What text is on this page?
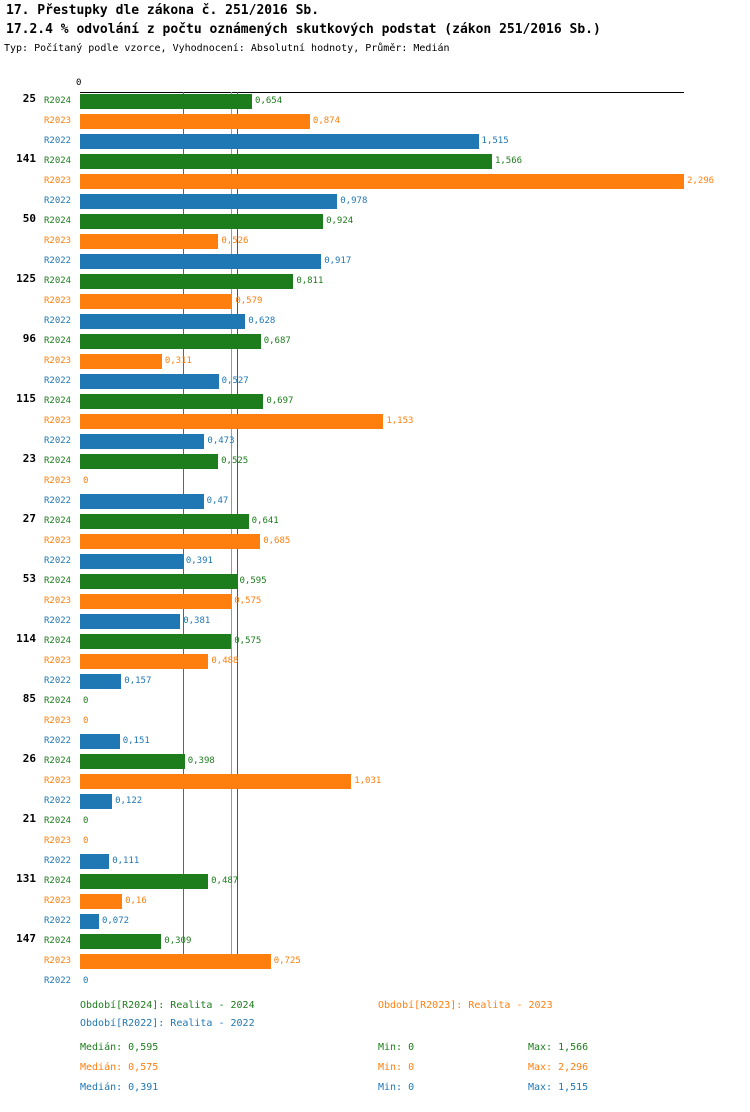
17. Přestupky dle zákona č. 251/2016 Sb.
17.2.4 % odvolání z počtu oznámených skutkových podstat (zákon 251/2016 Sb.)
Typ: Počítaný podle vzorce, Vyhodnocení: Absolutní hodnoty, Průměr: Medián
0
25 R2024	0,654
R2023	0,874
R2022	1,515
141 R2024	1,566
R2023	2,296
R2022	0,978
50 R2024	0,924
R2023	0,526
R2022	0,917
125 R2024	0,811
R2023	0,579
R2022	0,628
96 R2024	0,687
R2023	0,311
R2022	0,527
115 R2024	0,697
R2023	1,153
R2022	0,473
23 R2024	0,525
R2023 0
R2022	0,47
27 R2024	0,641
R2023	0,685
R2022	0,391
53 R2024	0,595
R2023	0,575
R2022	0,381
114 R2024	0,575
R2023	0,488
R2022	0,157
85 R2024 0
R2023 0
R2022	0,151
26 R2024	0,398
R2023	1,031
R2022	0,122
21 R2024 0
R2023 0
R2022	0,111
131 R2024	0,487
R2023	0,16
R2022	0,072
147 R2024	0,309
R2023	0,725
R2022 0
Období[R2024]: Realita - 2024	Období[R2023]: Realita - 2023
Období[R2022]: Realita - 2022
Medián: 0,595	Min: 0	Max: 1,566
Medián: 0,575	Min: 0	Max: 2,296
Medián: 0,391	Min: 0	Max: 1,515
